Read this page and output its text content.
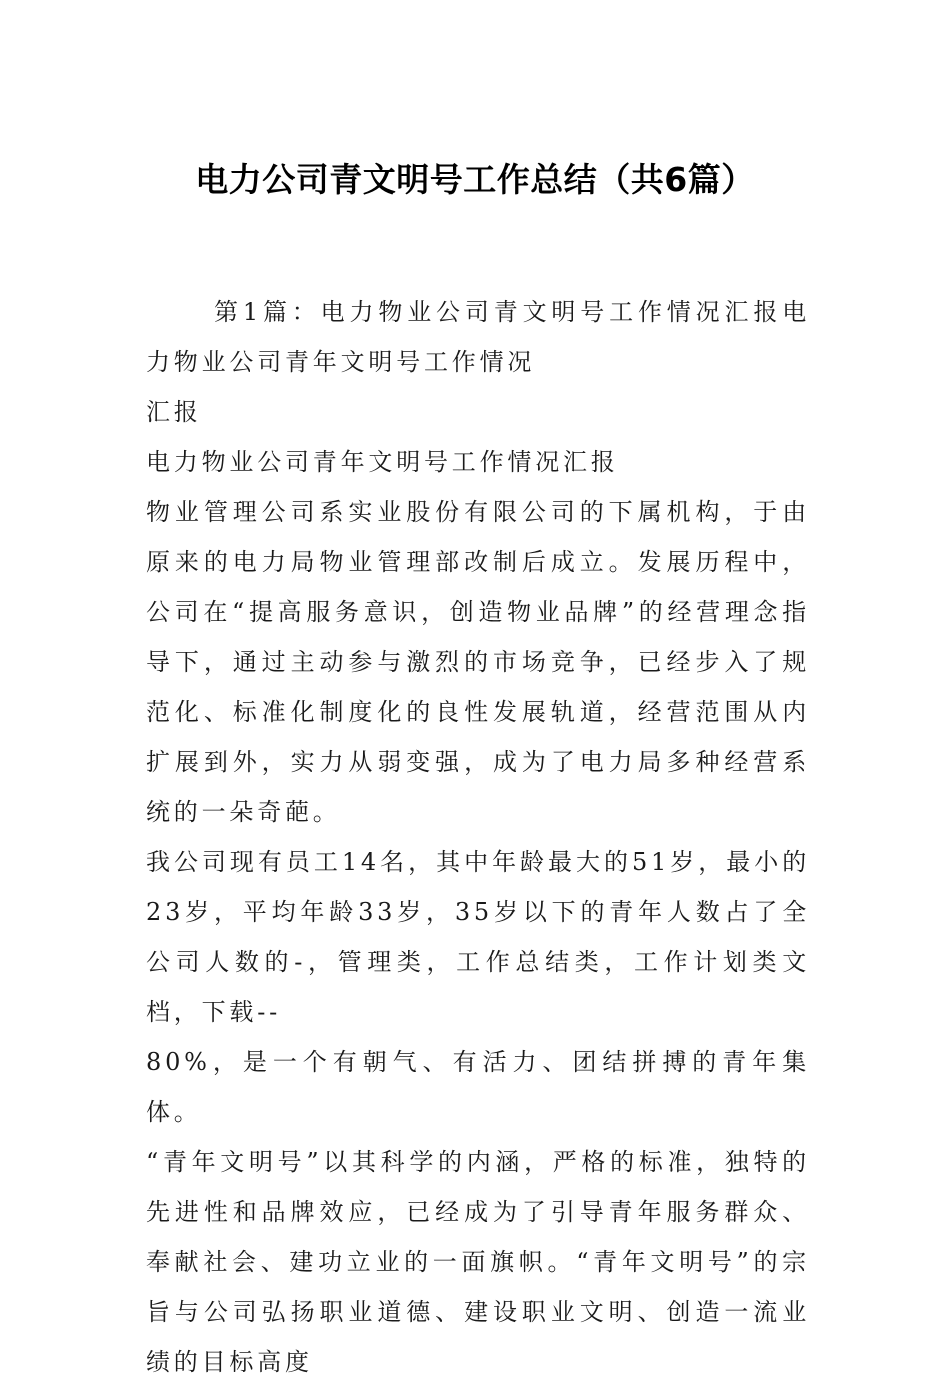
电力公司青文明号工作总结（共6篇）

第1篇：电力物业公司青文明号工作情况汇报电力物业公司青年文明号工作情况

汇报

电力物业公司青年文明号工作情况汇报

物业管理公司系实业股份有限公司的下属机构，于由原来的电力局物业管理部改制后成立。发展历程中，公司在“提高服务意识，创造物业品牌”的经营理念指导下，通过主动参与激烈的市场竞争，已经步入了规范化、标准化制度化的良性发展轨道，经营范围从内扩展到外，实力从弱变强，成为了电力局多种经营系统的一朵奇葩。

我公司现有员工14名，其中年龄最大的51岁，最小的23岁，平均年龄33岁，35岁以下的青年人数占了全公司人数的-，管理类，工作总结类，工作计划类文档，下载--

80%，是一个有朝气、有活力、团结拼搏的青年集体。

“青年文明号”以其科学的内涵，严格的标准，独特的先进性和品牌效应，已经成为了引导青年服务群众、奉献社会、建功立业的一面旗帜。“青年文明号”的宗旨与公司弘扬职业道德、建设职业文明、创造一流业绩的目标高度
